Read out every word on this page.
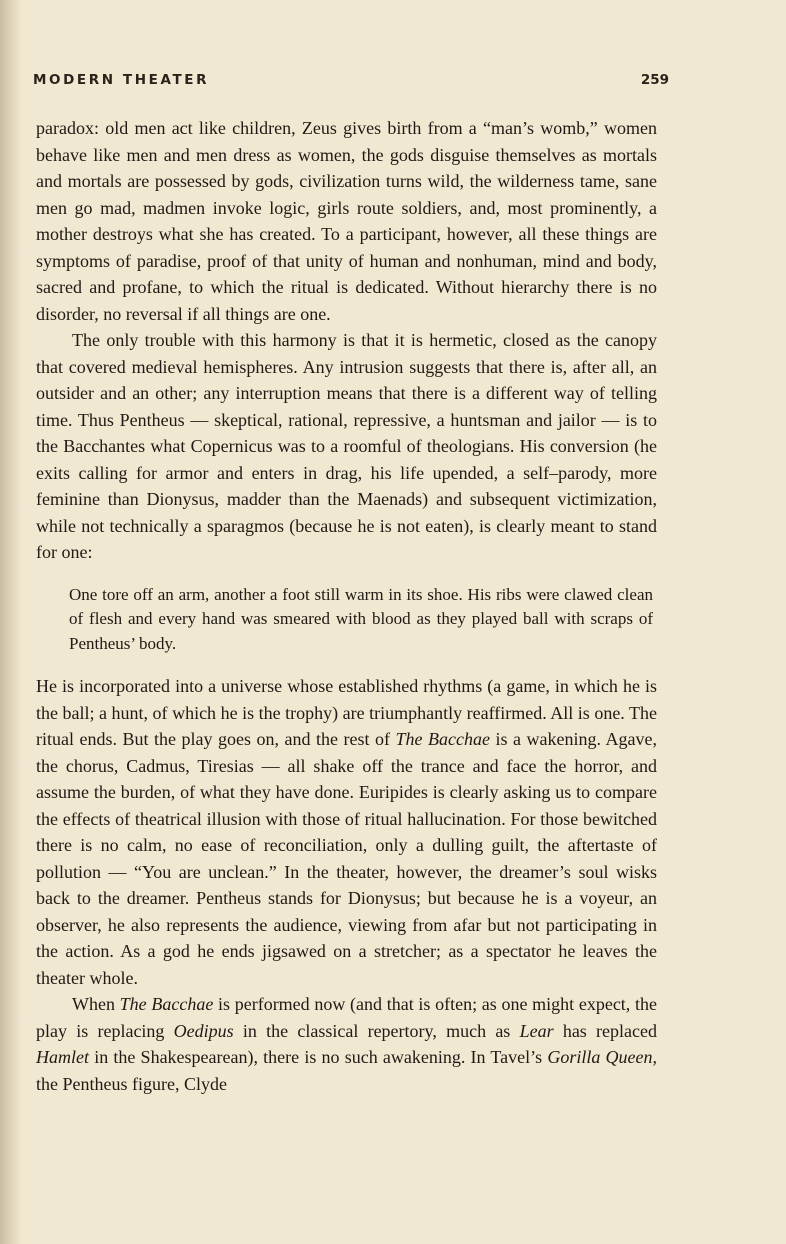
MODERN THEATER	259

paradox: old men act like children, Zeus gives birth from a “man’s womb,” women behave like men and men dress as women, the gods disguise themselves as mortals and mortals are possessed by gods, civilization turns wild, the wilderness tame, sane men go mad, madmen invoke logic, girls route soldiers, and, most prominently, a mother destroys what she has created. To a participant, however, all these things are symptoms of paradise, proof of that unity of human and nonhuman, mind and body, sacred and profane, to which the ritual is dedicated. Without hierarchy there is no disorder, no reversal if all things are one.

The only trouble with this harmony is that it is hermetic, closed as the canopy that covered medieval hemispheres. Any intrusion suggests that there is, after all, an outsider and an other; any interruption means that there is a different way of telling time. Thus Pentheus — skeptical, rational, repressive, a huntsman and jailor — is to the Bacchantes what Copernicus was to a roomful of theologians. His conversion (he exits calling for armor and enters in drag, his life upended, a self–parody, more feminine than Dionysus, madder than the Maenads) and subsequent victimization, while not technically a sparagmos (because he is not eaten), is clearly meant to stand for one:

One tore off an arm, another a foot still warm in its shoe. His ribs were clawed clean of flesh and every hand was smeared with blood as they played ball with scraps of Pentheus’ body.

He is incorporated into a universe whose established rhythms (a game, in which he is the ball; a hunt, of which he is the trophy) are triumphantly reaffirmed. All is one. The ritual ends. But the play goes on, and the rest of The Bacchae is a wakening. Agave, the chorus, Cadmus, Tiresias — all shake off the trance and face the horror, and assume the burden, of what they have done. Euripides is clearly asking us to compare the effects of theatrical illusion with those of ritual hallucination. For those bewitched there is no calm, no ease of reconciliation, only a dulling guilt, the aftertaste of pollution — “You are unclean.” In the theater, however, the dreamer’s soul wisks back to the dreamer. Pentheus stands for Dionysus; but because he is a voyeur, an observer, he also represents the audience, viewing from afar but not participating in the action. As a god he ends jigsawed on a stretcher; as a spectator he leaves the theater whole.

When The Bacchae is performed now (and that is often; as one might expect, the play is replacing Oedipus in the classical repertory, much as Lear has replaced Hamlet in the Shakespearean), there is no such awakening. In Tavel’s Gorilla Queen, the Pentheus figure, Clyde
